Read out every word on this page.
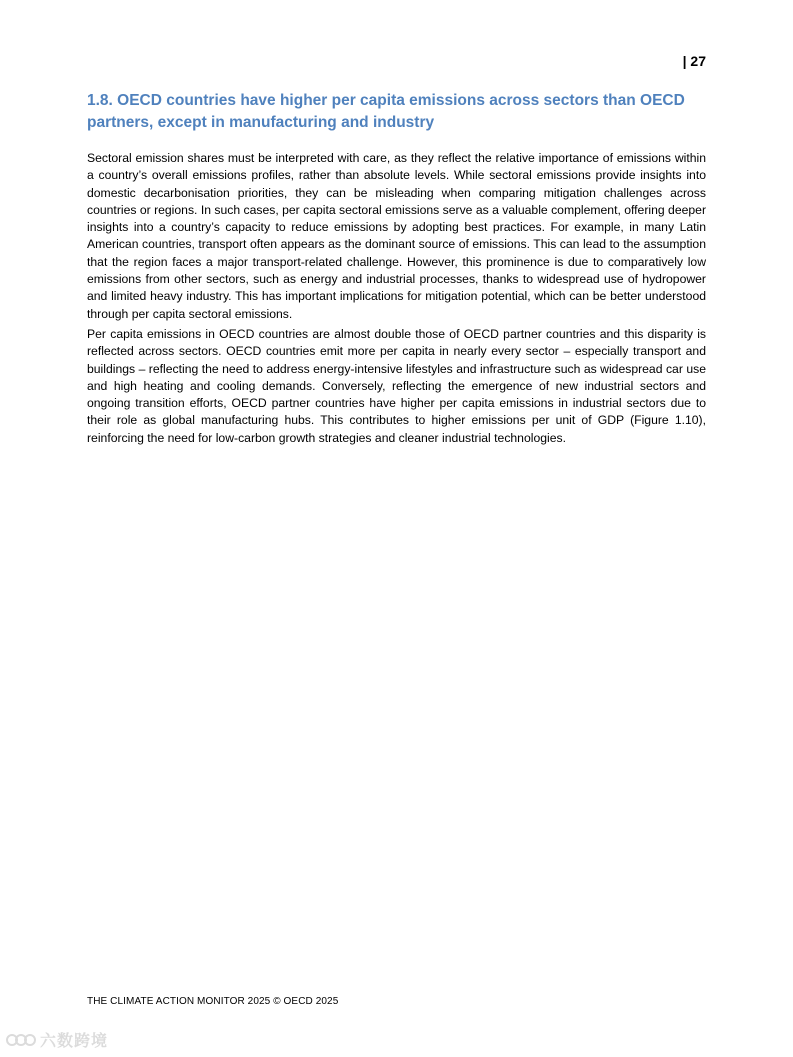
| 27
1.8. OECD countries have higher per capita emissions across sectors than OECD partners, except in manufacturing and industry

Sectoral emission shares must be interpreted with care, as they reflect the relative importance of emissions within a country’s overall emissions profiles, rather than absolute levels. While sectoral emissions provide insights into domestic decarbonisation priorities, they can be misleading when comparing mitigation challenges across countries or regions. In such cases, per capita sectoral emissions serve as a valuable complement, offering deeper insights into a country’s capacity to reduce emissions by adopting best practices. For example, in many Latin American countries, transport often appears as the dominant source of emissions. This can lead to the assumption that the region faces a major transport-related challenge. However, this prominence is due to comparatively low emissions from other sectors, such as energy and industrial processes, thanks to widespread use of hydropower and limited heavy industry. This has important implications for mitigation potential, which can be better understood through per capita sectoral emissions.

Per capita emissions in OECD countries are almost double those of OECD partner countries and this disparity is reflected across sectors. OECD countries emit more per capita in nearly every sector – especially transport and buildings – reflecting the need to address energy-intensive lifestyles and infrastructure such as widespread car use and high heating and cooling demands. Conversely, reflecting the emergence of new industrial sectors and ongoing transition efforts, OECD partner countries have higher per capita emissions in industrial sectors due to their role as global manufacturing hubs. This contributes to higher emissions per unit of GDP (Figure 1.10), reinforcing the need for low-carbon growth strategies and cleaner industrial technologies.

THE CLIMATE ACTION MONITOR 2025 © OECD 2025
六数跨境
